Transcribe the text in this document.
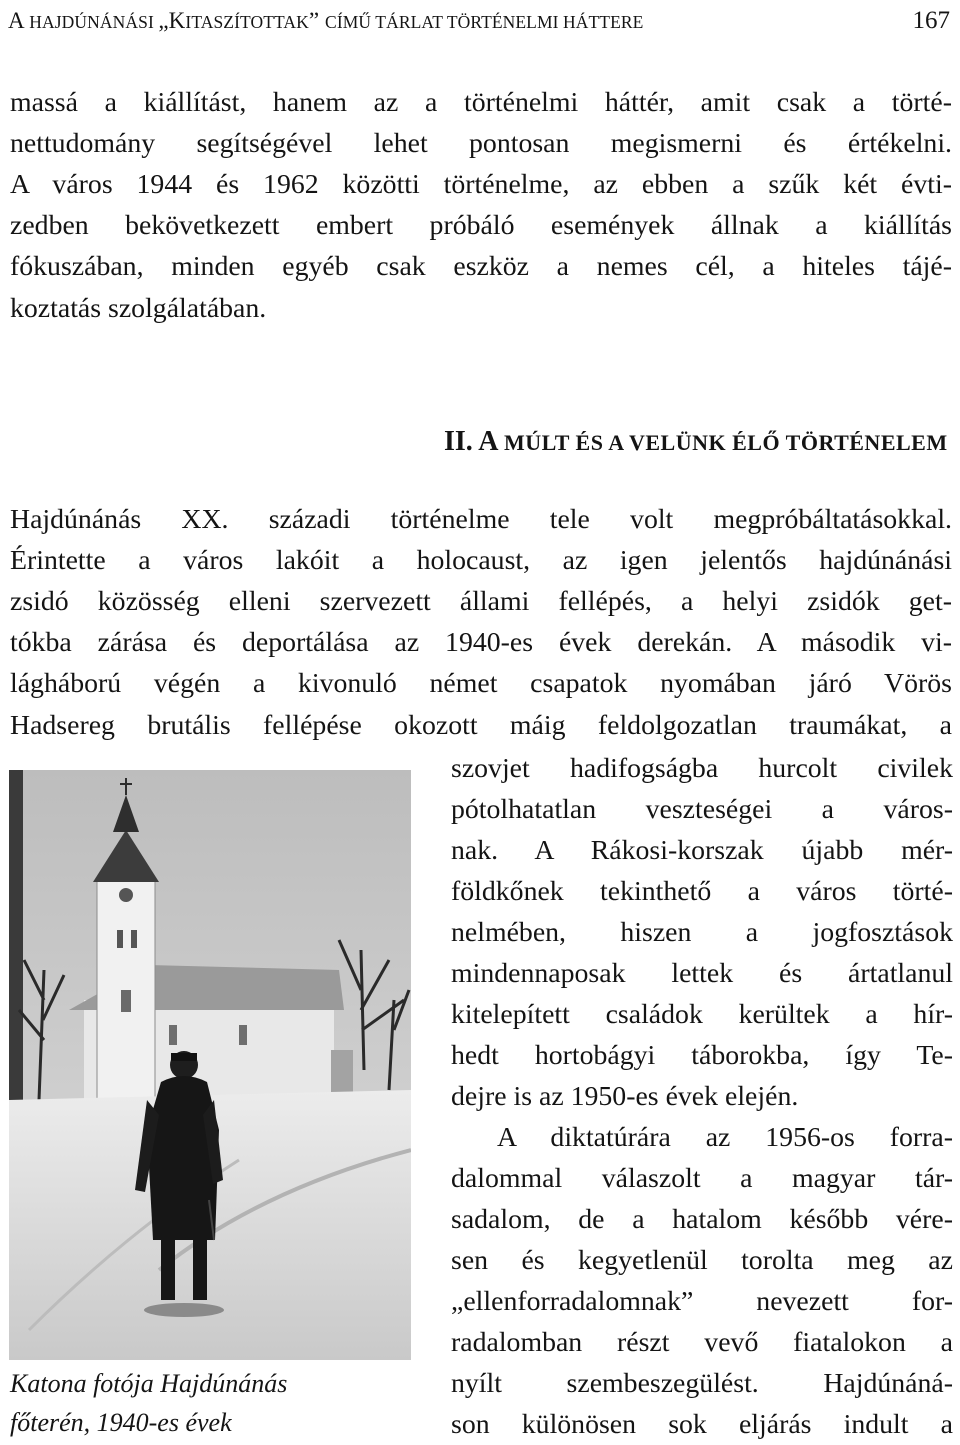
A HAJDÚNÁNÁSI „KITASZÍTOTTAK” CÍMŰ TÁRLAT TÖRTÉNELMI HÁTTERE	167
massá a kiállítást, hanem az a történelmi háttér, amit csak a törté-
nettudomány segítségével lehet pontosan megismerni és értékelni.
A város 1944 és 1962 közötti történelme, az ebben a szűk két évti-
zedben bekövetkezett embert próbáló események állnak a kiállítás
fókuszában, minden egyéb csak eszköz a nemes cél, a hiteles tájé-
koztatás szolgálatában.
II. A MÚLT ÉS A VELÜNK ÉLŐ TÖRTÉNELEM
Hajdúnánás XX. századi történelme tele volt megpróbáltatásokkal.
Érintette a város lakóit a holocaust, az igen jelentős hajdúnánási
zsidó közösség elleni szervezett állami fellépés, a helyi zsidók get-
tókba zárása és deportálása az 1940-es évek derekán. A második vi-
lágháború végén a kivonuló német csapatok nyomában járó Vörös
Hadsereg brutális fellépése okozott máig feldolgozatlan traumákat, a
szovjet hadifogságba hurcolt civilek
pótolhatatlan veszteségei a város-
nak. A Rákosi-korszak újabb mér-
földkőnek tekinthető a város törté-
nelmében, hiszen a jogfosztások
mindennaposak lettek és ártatlanul
kitelepített családok kerültek a hír-
hedt hortobágyi táborokba, így Te-
dejre is az 1950-es évek elején.
A diktatúrára az 1956-os forra-
dalommal válaszolt a magyar tár-
sadalom, de a hatalom később vére-
sen és kegyetlenül torolta meg az
„ellenforradalomnak” nevezett for-
radalomban részt vevő fiatalokon a
nyílt szembeszegülést. Hajdúnáná-
son különösen sok eljárás indult a
Katona fotója Hajdúnánás
főterén, 1940-es évek
